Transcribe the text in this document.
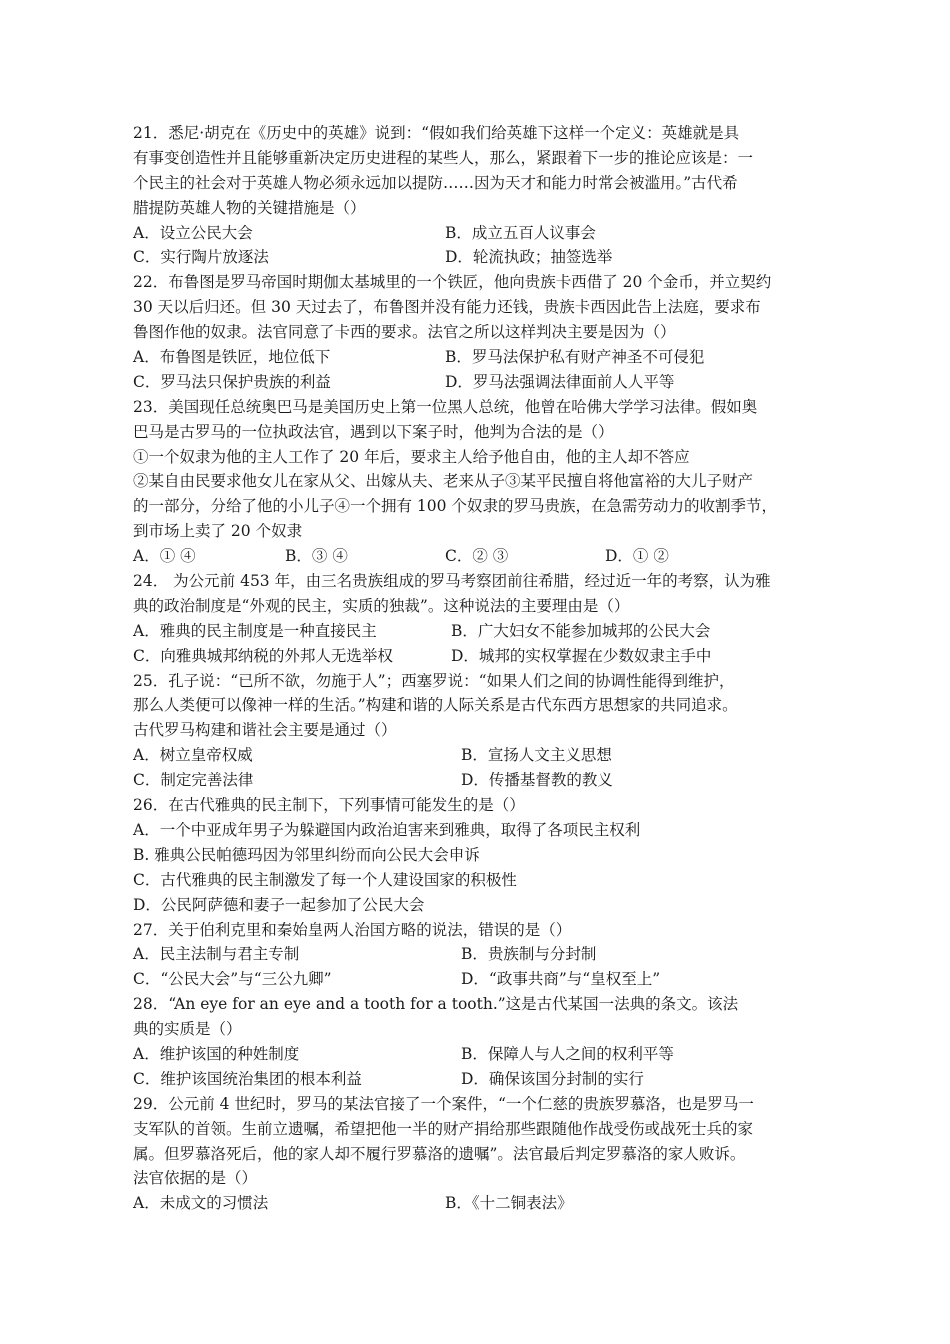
21．悉尼·胡克在《历史中的英雄》说到：“假如我们给英雄下这样一个定义：英雄就是具
有事变创造性并且能够重新决定历史进程的某些人，那么，紧跟着下一步的推论应该是：一
个民主的社会对于英雄人物必须永远加以提防……因为天才和能力时常会被滥用。”古代希
腊提防英雄人物的关键措施是（）
A．设立公民大会	B．成立五百人议事会
C．实行陶片放逐法	D．轮流执政；抽签选举
22．布鲁图是罗马帝国时期伽太基城里的一个铁匠，他向贵族卡西借了 20 个金币，并立契约
30 天以后归还。但 30 天过去了，布鲁图并没有能力还钱，贵族卡西因此告上法庭，要求布
鲁图作他的奴隶。法官同意了卡西的要求。法官之所以这样判决主要是因为（）
A．布鲁图是铁匠，地位低下	B．罗马法保护私有财产神圣不可侵犯
C．罗马法只保护贵族的利益	D．罗马法强调法律面前人人平等
23．美国现任总统奥巴马是美国历史上第一位黑人总统，他曾在哈佛大学学习法律。假如奥
巴马是古罗马的一位执政法官，遇到以下案子时，他判为合法的是（）
①一个奴隶为他的主人工作了 20 年后，要求主人给予他自由，他的主人却不答应
②某自由民要求他女儿在家从父、出嫁从夫、老来从子③某平民擅自将他富裕的大儿子财产
的一部分，分给了他的小儿子④一个拥有 100 个奴隶的罗马贵族，在急需劳动力的收割季节，
到市场上卖了 20 个奴隶
A．① ④	B．③ ④	C．② ③	D．① ②
24． 为公元前 453 年，由三名贵族组成的罗马考察团前往希腊，经过近一年的考察，认为雅
典的政治制度是“外观的民主，实质的独裁”。这种说法的主要理由是（）
A．雅典的民主制度是一种直接民主	B．广大妇女不能参加城邦的公民大会
C．向雅典城邦纳税的外邦人无选举权	D．城邦的实权掌握在少数奴隶主手中
25．孔子说：“已所不欲，勿施于人”；西塞罗说：“如果人们之间的协调性能得到维护，
那么人类便可以像神一样的生活。”构建和谐的人际关系是古代东西方思想家的共同追求。
古代罗马构建和谐社会主要是通过（）
A．树立皇帝权威	B．宣扬人文主义思想
C．制定完善法律	D．传播基督教的教义
26．在古代雅典的民主制下，下列事情可能发生的是（）
A．一个中亚成年男子为躲避国内政治迫害来到雅典，取得了各项民主权利
B. 雅典公民帕德玛因为邻里纠纷而向公民大会申诉
C．古代雅典的民主制激发了每一个人建设国家的积极性
D．公民阿萨德和妻子一起参加了公民大会
27．关于伯利克里和秦始皇两人治国方略的说法，错误的是（）
A．民主法制与君主专制	B．贵族制与分封制
C．“公民大会”与“三公九卿”	D．“政事共商”与“皇权至上”
28．“An eye for an eye and a tooth for a tooth.”这是古代某国一法典的条文。该法
典的实质是（）
A．维护该国的种姓制度	B．保障人与人之间的权利平等
C．维护该国统治集团的根本利益	D．确保该国分封制的实行
29．公元前 4 世纪时，罗马的某法官接了一个案件，“一个仁慈的贵族罗慕洛，也是罗马一
支军队的首领。生前立遗嘱，希望把他一半的财产捐给那些跟随他作战受伤或战死士兵的家
属。但罗慕洛死后，他的家人却不履行罗慕洛的遗嘱”。法官最后判定罗慕洛的家人败诉。
法官依据的是（）
A．未成文的习惯法	B．《十二铜表法》
